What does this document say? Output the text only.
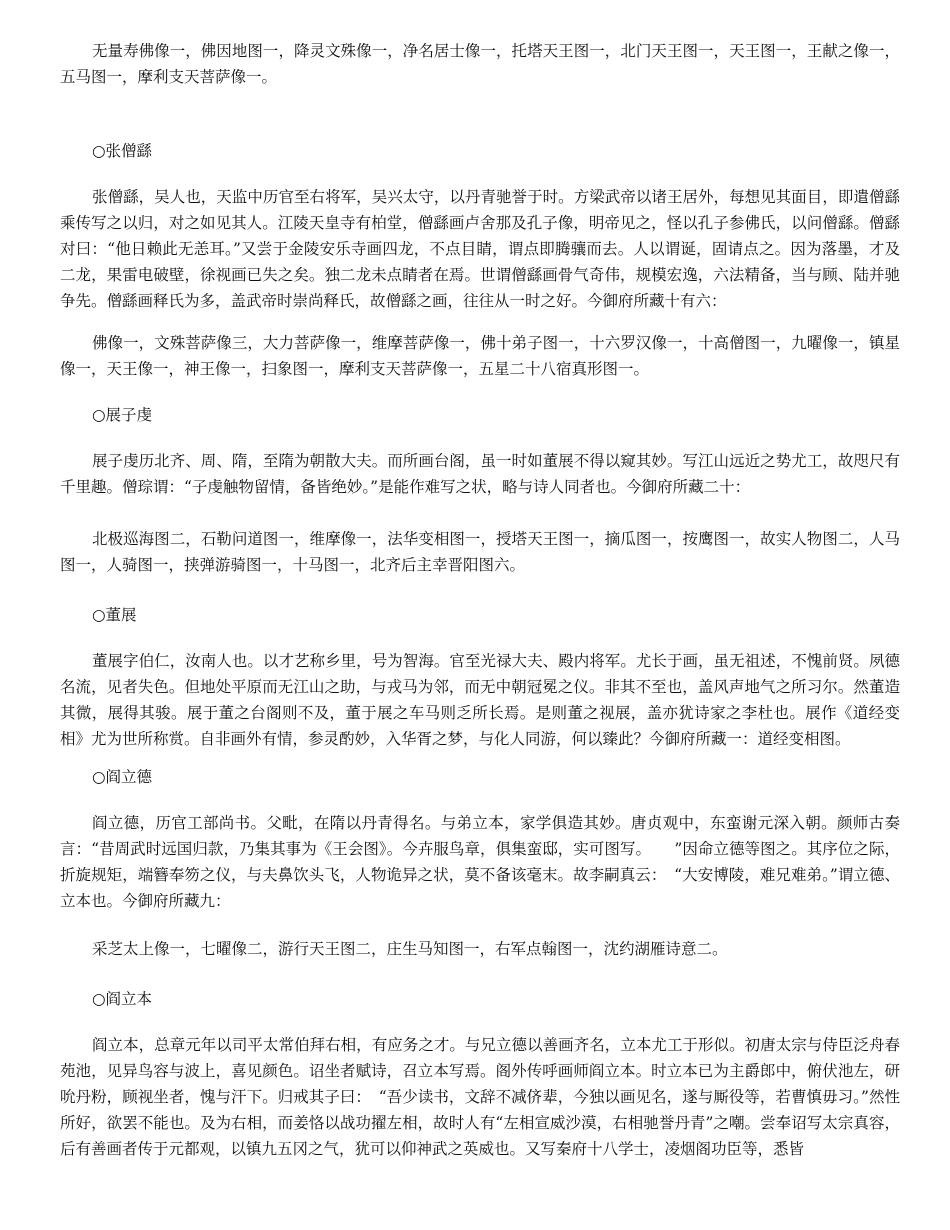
无量寿佛像一，佛因地图一，降灵文殊像一，净名居士像一，托塔天王图一，北门天王图一，天王图一，王献之像一，五马图一，摩利支天菩萨像一。

○张僧繇

张僧繇，吴人也，天监中历官至右将军，吴兴太守，以丹青驰誉于时。方梁武帝以诸王居外，每想见其面目，即遣僧繇乘传写之以归，对之如见其人。江陵天皇寺有柏堂，僧繇画卢舍那及孔子像，明帝见之，怪以孔子参佛氏，以问僧繇。僧繇对曰：“他日赖此无恙耳。”又尝于金陵安乐寺画四龙，不点目睛，谓点即腾骧而去。人以谓诞，固请点之。因为落墨，才及二龙，果雷电破壁，徐视画已失之矣。独二龙未点睛者在焉。世谓僧繇画骨气奇伟，规模宏逸，六法精备，当与顾、陆并驰争先。僧繇画释氏为多，盖武帝时崇尚释氏，故僧繇之画，往往从一时之好。今御府所藏十有六：

佛像一，文殊菩萨像三，大力菩萨像一，维摩菩萨像一，佛十弟子图一，十六罗汉像一，十高僧图一，九曜像一，镇星像一，天王像一，神王像一，扫象图一，摩利支天菩萨像一，五星二十八宿真形图一。

○展子虔

展子虔历北齐、周、隋，至隋为朝散大夫。而所画台阁，虽一时如董展不得以窥其妙。写江山远近之势尤工，故咫尺有千里趣。僧琮谓：“子虔触物留情，备皆绝妙。”是能作难写之状，略与诗人同者也。今御府所藏二十：

北极巡海图二，石勒问道图一，维摩像一，法华变相图一，授塔天王图一，摘瓜图一，按鹰图一，故实人物图二，人马图一，人骑图一，挟弹游骑图一，十马图一，北齐后主幸晋阳图六。

○董展

董展字伯仁，汝南人也。以才艺称乡里，号为智海。官至光禄大夫、殿内将军。尤长于画，虽无祖述，不愧前贤。夙德名流，见者失色。但地处平原而无江山之助，与戎马为邻，而无中朝冠冕之仪。非其不至也，盖风声地气之所习尔。然董造其微，展得其骏。展于董之台阁则不及，董于展之车马则乏所长焉。是则董之视展，盖亦犹诗家之李杜也。展作《道经变相》尤为世所称赏。自非画外有情，参灵酌妙，入华胥之梦，与化人同游，何以臻此？今御府所藏一：道经变相图。

○阎立德

阎立德，历官工部尚书。父毗，在隋以丹青得名。与弟立本，家学俱造其妙。唐贞观中，东蛮谢元深入朝。颜师古奏言：“昔周武时远国归款，乃集其事为《王会图》。今卉服鸟章，俱集蛮邸，实可图写。　　”因命立德等图之。其序位之际，折旋规矩，端簪奉笏之仪，与夫鼻饮头飞，人物诡异之状，莫不备该毫末。故李嗣真云：　“大安博陵，难兄难弟。”谓立德、立本也。今御府所藏九：

采芝太上像一，七曜像二，游行天王图二，庄生马知图一，右军点翰图一，沈约湖雁诗意二。

○阎立本

阎立本，总章元年以司平太常伯拜右相，有应务之才。与兄立德以善画齐名，立本尤工于形似。初唐太宗与侍臣泛舟春苑池，见异鸟容与波上，喜见颜色。诏坐者赋诗，召立本写焉。阁外传呼画师阎立本。时立本已为主爵郎中，俯伏池左，研吮丹粉，顾视坐者，愧与汗下。归戒其子曰：　“吾少读书，文辞不减侪辈，今独以画见名，遂与厮役等，若曹慎毋习。”然性所好，欲罢不能也。及为右相，而姜恪以战功擢左相，故时人有“左相宣威沙漠，右相驰誉丹青”之嘲。尝奉诏写太宗真容，后有善画者传于元都观，以镇九五冈之气，犹可以仰神武之英威也。又写秦府十八学士，凌烟阁功臣等，悉皆
